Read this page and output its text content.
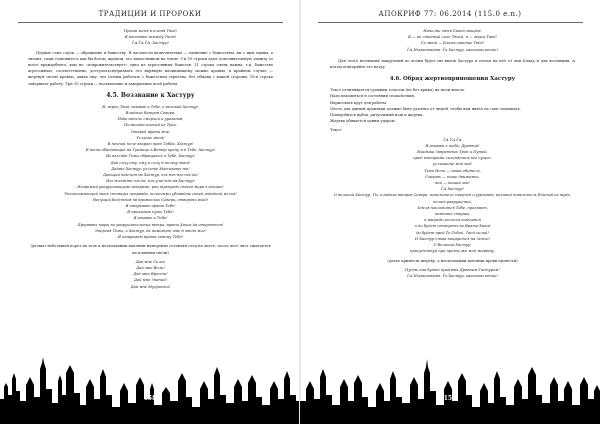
ТРАДИЦИИ И ПРОРОКИ
Прими меня в племя Твоё!
Я воспеваю жажду Твою!
Ї'А Ї'А Ї'А, Хастур!

Первые семь строк — обращение к божеству. В частности включительно — единение с божеством, вы с ним едины, а значит, сами становитесь как бы богом, жрецом, его наместником на земле. 9 и 10 строки дают дополнительную защиту от всего враждебного, вам не «покровительствует» одно из агрессивных божеств. 11 строка очень важна, т.к. божество агрессивное, соответственно, достучаться/призвать его впрямую начинающему можно кровью, в крайнем случае — жертвуя своею кровью, давая ему, что готовы работать с божеством серьёзно, без обмана с вашей стороны. 18-я строка завершает работу. Три 10 строки — восхваление и завершение всей работы.

4.5. Воззвание к Хастуру
Я, жрец Твой, взываю к Тебе, о великий Хастур,
Владыка Ветров Севера,
Повелитель смерчей и ураганов,
Полноидосильный из Трех,
Открой врата мне,
Услышь меня!
В ночной мгле взираю пред Тобой, Хастур!
В тени обитающий на Границе в Ветер кричу я к Тебе, Хастур!
Во взгляде Тьмы обращаюсь к Тебе, Хастур!
Дай силу ему, ему и силу в пользу моей!
Дайте Хастур, уз-сете Ман-ивать-то!
Дающий нам-ион-да Хастур, нгх-нгн-нгх-нгх-да!
Нгх-я-отнят нгх-да, нгх-у-ан-нгн-да-Хастур!
Незримый разрушающими ветрами, рви трепредь своего мира злейших!
Уничтожающий моих стоящих неправда, колоссами убивайте своей звёздной мглой!
Несущий бедствия на вражеских Севера, отверзни вход!
Я открываю врата Тебе!
Я призываю путь Тебе!
Я взываю к Тебе!
Прорвать миры во разрушительные ветра, врата Хаоса да откроются!
Энергия Тьмы, о Хастур, да поможет мне в этот миг!
Я открываю врата своему Тебе!
(делают небольшой порез на теле и несколькими каплями намеренно оставляя след на листе, после чего лист сжигается на пламени свечи)
Дай мне Силы!
Дай мне Воли!
Дай мне Ярости!
Дай мне Знаний!
Дай мне Мудрости!
158
АПОКРИФ 77: 06.2014 (115.0 e.n.)
Наполни меня Своей мощью!
Я — во стойный силе Твоей, я — жрец Твой!
Со мной — Благословение Твоё!
Ї'А Ньхаиттатн, Ї'а Хастур, какаммы ансии!

Для этого воззвания наиручшей во всеми будет им вызов Хастура и потом на неё от лиц Бладд и для воззвания. А потом повторяйте его ветру.

4.6. Обряд жертвоприношения Хастуру

Текст отчитывается громким голосом (но без крика) на ночи впасть.

Надо находиться в состоянии спокойствия.

Нарисовать круг для работы.

Место для данной практики должно быть удалено от людей, чтобы вам никто не смог помешать.

Понадобится кубок, ритуальный нож и жертва.

Жертва убивается одним ударом.

Текст:

Ї'А Ї'А Ї'А
Я взываю к тебе, Древний!
Владыка Запретных Троп и Путей,
пред которыми склоняется все сущее,
услышите мой зов!
Тьма Ночи — наша обитель,
Смерть — наше движение,
вой — наший зов!
Ї'А Хастур!
О великий Хастур, Ты, владыка ветров Севера, повелитель смерчей и ураганов, великий повелитель Единый из трёх, оплот разрушений,
Земля поклонится Тебе, признает,
помнить старше,
и впереди колосса кончится
и до будет отмереть во Врата Хаоса
до будет пред Ти Тобой, Твой силой!
И Хастур снова воцарится на Земле!
О Великий Хастур,
присутствуй при примы же мой жертву.
(далее принести жертву, а несколькими каплями крови провести)
Пусть она будет принята Древним Гастуром!
Ї'А Ньхаиттатн, Ї'а Хастур, какаммы ансии!
159
